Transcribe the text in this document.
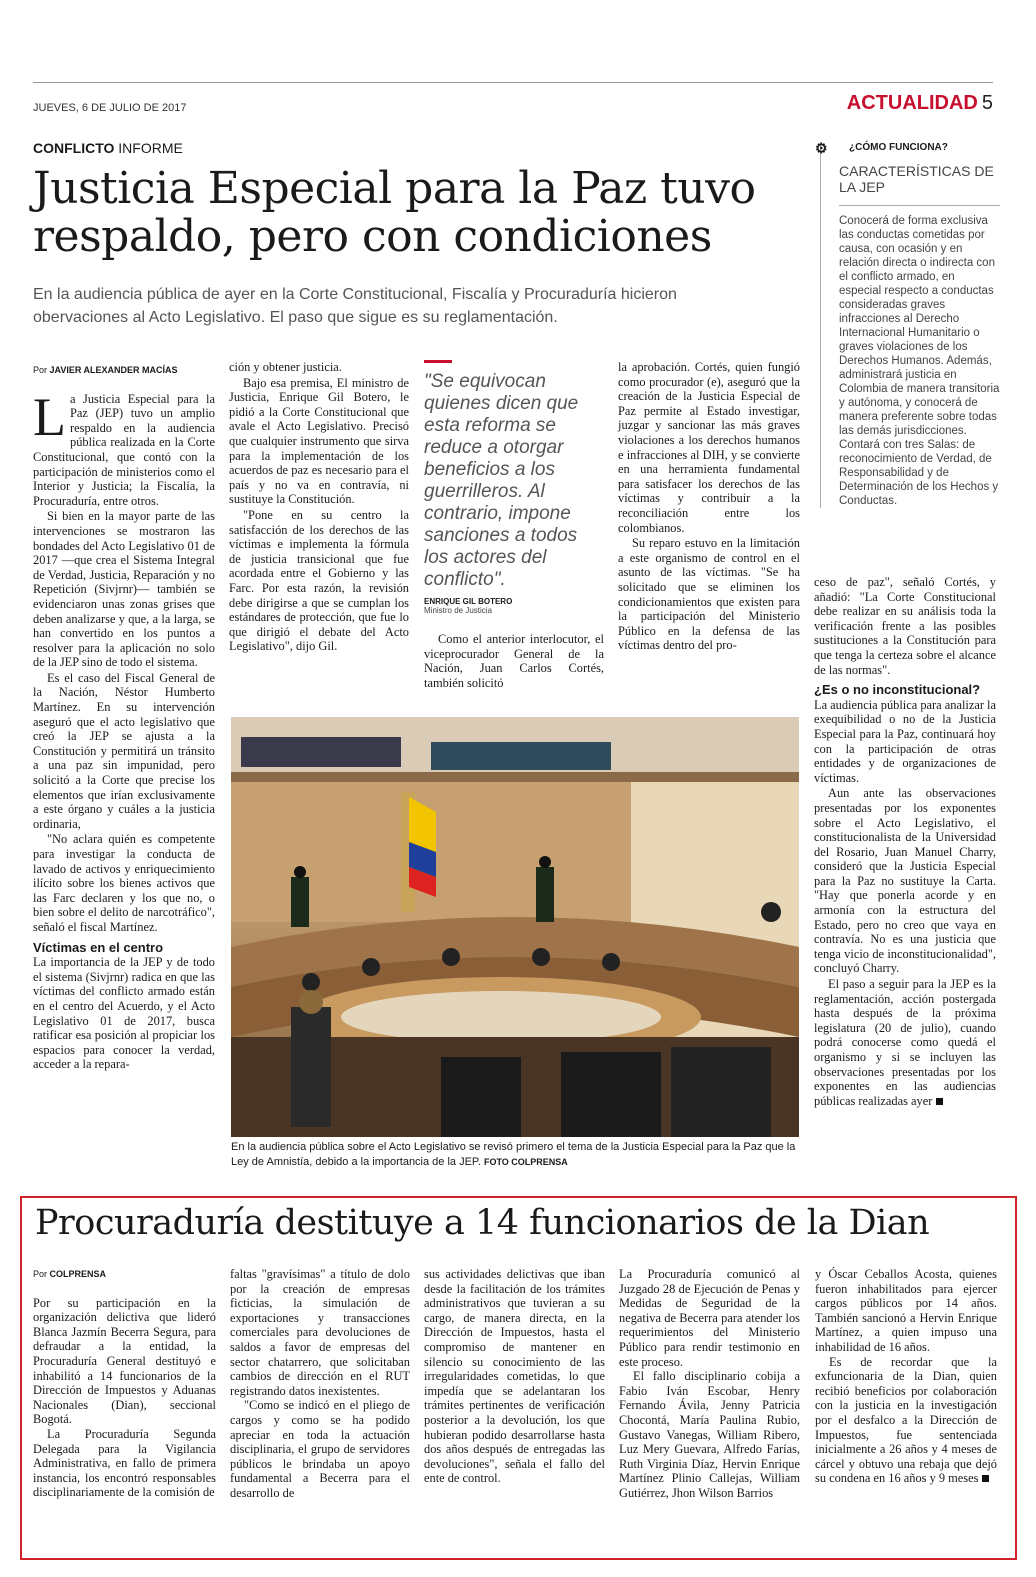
JUEVES, 6 DE JULIO DE 2017	ACTUALIDAD 5
CONFLICTO INFORME
Justicia Especial para la Paz tuvo respaldo, pero con condiciones
En la audiencia pública de ayer en la Corte Constitucional, Fiscalía y Procuraduría hicieron obervaciones al Acto Legislativo. El paso que sigue es su reglamentación.
Por JAVIER ALEXANDER MACÍAS

La Justicia Especial para la Paz (JEP) tuvo un amplio respaldo en la audiencia pública realizada en la Corte Constitucional, que contó con la participación de ministerios como el Interior y Justicia; la Fiscalía, la Procuraduría, entre otros.

Si bien en la mayor parte de las intervenciones se mostraron las bondades del Acto Legislativo 01 de 2017 —que crea el Sistema Integral de Verdad, Justicia, Reparación y no Repetición (Sivjrnr)— también se evidenciaron unas zonas grises que deben analizarse y que, a la larga, se han convertido en los puntos a resolver para la aplicación no solo de la JEP sino de todo el sistema.

Es el caso del Fiscal General de la Nación, Néstor Humberto Martínez. En su intervención aseguró que el acto legislativo que creó la JEP se ajusta a la Constitución y permitirá un tránsito a una paz sin impunidad, pero solicitó a la Corte que precise los elementos que irían exclusivamente a este órgano y cuáles a la justicia ordinaria,

"No aclara quién es competente para investigar la conducta de lavado de activos y enriquecimiento ilícito sobre los bienes activos que las Farc declaren y los que no, o bien sobre el delito de narcotráfico", señaló el fiscal Martínez.

Víctimas en el centro

La importancia de la JEP y de todo el sistema (Sivjrnr) radica en que las víctimas del conflicto armado están en el centro del Acuerdo, y el Acto Legislativo 01 de 2017, busca ratificar esa posición al propiciar los espacios para conocer la verdad, acceder a la repara-

ción y obtener justicia.

Bajo esa premisa, El ministro de Justicia, Enrique Gil Botero, le pidió a la Corte Constitucional que avale el Acto Legislativo. Precisó que cualquier instrumento que sirva para la implementación de los acuerdos de paz es necesario para el país y no va en contravía, ni sustituye la Constitución.

"Pone en su centro la satisfacción de los derechos de las víctimas e implementa la fórmula de justicia transicional que fue acordada entre el Gobierno y las Farc. Por esta razón, la revisión debe dirigirse a que se cumplan los estándares de protección, que fue lo que dirigió el debate del Acto Legislativo", dijo Gil.

"Se equivocan quienes dicen que esta reforma se reduce a otorgar beneficios a los guerrilleros. Al contrario, impone sanciones a todos los actores del conflicto".
ENRIQUE GIL BOTERO
Ministro de Justicia

Como el anterior interlocutor, el viceprocurador General de la Nación, Juan Carlos Cortés, también solicitó

la aprobación. Cortés, quien fungió como procurador (e), aseguró que la creación de la Justicia Especial de Paz permite al Estado investigar, juzgar y sancionar las más graves violaciones a los derechos humanos e infracciones al DIH, y se convierte en una herramienta fundamental para satisfacer los derechos de las víctimas y contribuir a la reconciliación entre los colombianos.

Su reparo estuvo en la limitación a este organismo de control en el asunto de las víctimas. "Se ha solicitado que se eliminen los condicionamientos que existen para la participación del Ministerio Público en la defensa de las víctimas dentro del pro-

⚙ ¿CÓMO FUNCIONA?
CARACTERÍSTICAS DE LA JEP
Conocerá de forma exclusiva las conductas cometidas por causa, con ocasión y en relación directa o indirecta con el conflicto armado, en especial respecto a conductas consideradas graves infracciones al Derecho Internacional Humanitario o graves violaciones de los Derechos Humanos. Además, administrará justicia en Colombia de manera transitoria y autónoma, y conocerá de manera preferente sobre todas las demás jurisdicciones. Contará con tres Salas: de reconocimiento de Verdad, de Responsabilidad y de Determinación de los Hechos y Conductas.

ceso de paz", señaló Cortés, y añadió: "La Corte Constitucional debe realizar en su análisis toda la verificación frente a las posibles sustituciones a la Constitución para que tenga la certeza sobre el alcance de las normas".

¿Es o no inconstitucional?

La audiencia pública para analizar la exequibilidad o no de la Justicia Especial para la Paz, continuará hoy con la participación de otras entidades y de organizaciones de víctimas.

Aun ante las observaciones presentadas por los exponentes sobre el Acto Legislativo, el constitucionalista de la Universidad del Rosario, Juan Manuel Charry, consideró que la Justicia Especial para la Paz no sustituye la Carta. "Hay que ponerla acorde y en armonía con la estructura del Estado, pero no creo que vaya en contravía. No es una justicia que tenga vicio de inconstitucionalidad", concluyó Charry.

El paso a seguir para la JEP es la reglamentación, acción postergada hasta después de la próxima legislatura (20 de julio), cuando podrá conocerse como quedá el organismo y si se incluyen las observaciones presentadas por los exponentes en las audiencias públicas realizadas ayer

En la audiencia pública sobre el Acto Legislativo se revisó primero el tema de la Justicia Especial para la Paz que la Ley de Amnistía, debido a la importancia de la JEP. FOTO COLPRENSA
Procuraduría destituye a 14 funcionarios de la Dian
Por COLPRENSA

Por su participación en la organización delictiva que lideró Blanca Jazmín Becerra Segura, para defraudar a la entidad, la Procuraduría General destituyó e inhabilitó a 14 funcionarios de la Dirección de Impuestos y Aduanas Nacionales (Dian), seccional Bogotá.

La Procuraduría Segunda Delegada para la Vigilancia Administrativa, en fallo de primera instancia, los encontró responsables disciplinariamente de la comisión de

faltas "gravísimas" a título de dolo por la creación de empresas ficticias, la simulación de exportaciones y transacciones comerciales para devoluciones de saldos a favor de empresas del sector chatarrero, que solicitaban cambios de dirección en el RUT registrando datos inexistentes.

"Como se indicó en el pliego de cargos y como se ha podido apreciar en toda la actuación disciplinaria, el grupo de servidores públicos le brindaba un apoyo fundamental a Becerra para el desarrollo de

sus actividades delictivas que iban desde la facilitación de los trámites administrativos que tuvieran a su cargo, de manera directa, en la Dirección de Impuestos, hasta el compromiso de mantener en silencio su conocimiento de las irregularidades cometidas, lo que impedía que se adelantaran los trámites pertinentes de verificación posterior a la devolución, los que hubieran podido desarrollarse hasta dos años después de entregadas las devoluciones", señala el fallo del ente de control.

La Procuraduría comunicó al Juzgado 28 de Ejecución de Penas y Medidas de Seguridad de la negativa de Becerra para atender los requerimientos del Ministerio Público para rendir testimonio en este proceso.

El fallo disciplinario cobija a Fabio Iván Escobar, Henry Fernando Ávila, Jenny Patricia Chocontá, María Paulina Rubio, Gustavo Vanegas, William Ribero, Luz Mery Guevara, Alfredo Farías, Ruth Virginia Díaz, Hervin Enrique Martínez Plinio Callejas, William Gutiérrez, Jhon Wilson Barrios

y Óscar Ceballos Acosta, quienes fueron inhabilitados para ejercer cargos públicos por 14 años. También sancionó a Hervin Enrique Martínez, a quien impuso una inhabilidad de 16 años.

Es de recordar que la exfuncionaria de la Dian, quien recibió beneficios por colaboración con la justicia en la investigación por el desfalco a la Dirección de Impuestos, fue sentenciada inicialmente a 26 años y 4 meses de cárcel y obtuvo una rebaja que dejó su condena en 16 años y 9 meses
